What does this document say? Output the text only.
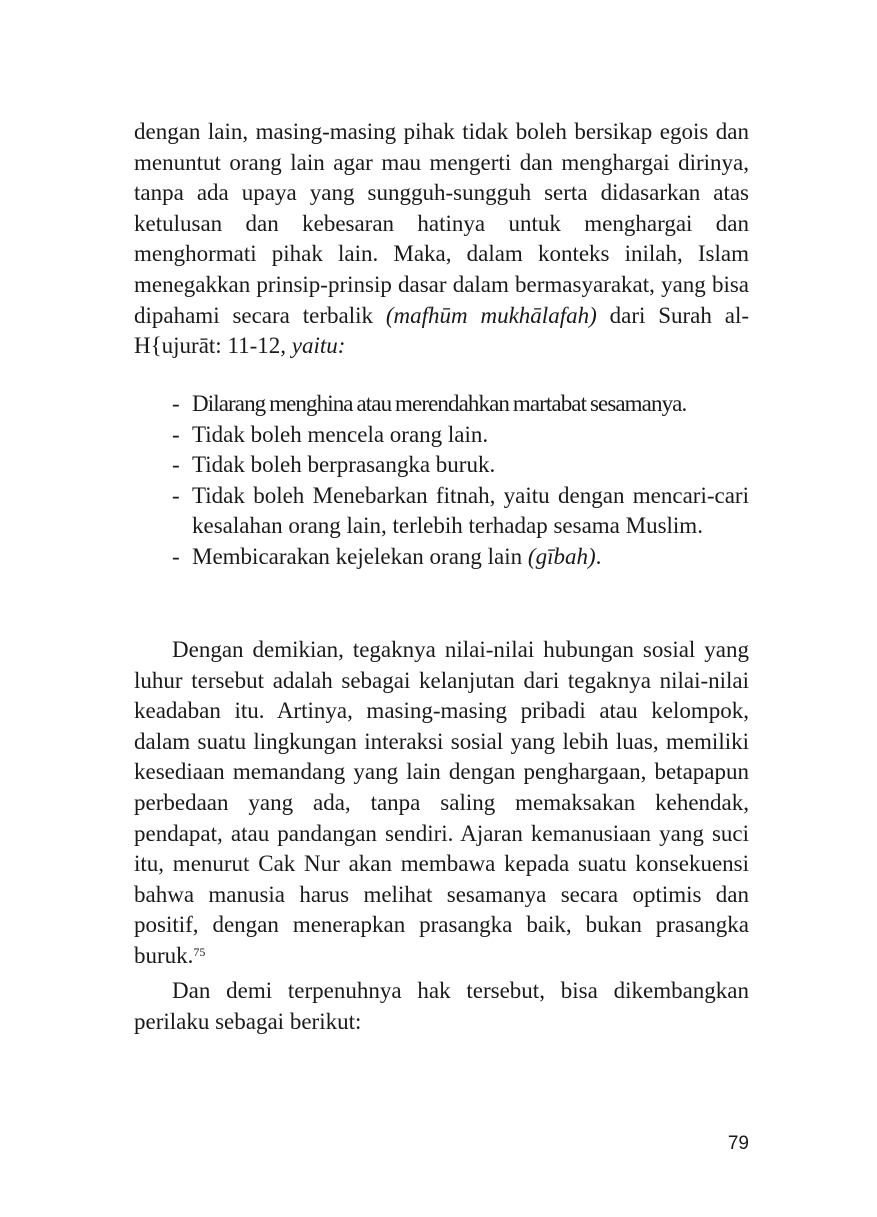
dengan lain, masing-masing pihak tidak boleh bersikap egois dan menuntut orang lain agar mau mengerti dan menghargai dirinya, tanpa ada upaya yang sungguh-sungguh serta didasarkan atas ketulusan dan kebesaran hatinya untuk menghargai dan menghormati pihak lain. Maka, dalam konteks inilah, Islam menegakkan prinsip-prinsip dasar dalam bermasyarakat, yang bisa dipahami secara terbalik (mafhūm mukhālafah) dari Surah al-H{ujurāt: 11-12, yaitu:

- Dilarang menghina atau merendahkan martabat sesamanya.
- Tidak boleh mencela orang lain.
- Tidak boleh berprasangka buruk.
- Tidak boleh Menebarkan fitnah, yaitu dengan mencari-cari kesalahan orang lain, terlebih terhadap sesama Muslim.
- Membicarakan kejelekan orang lain (gībah).

Dengan demikian, tegaknya nilai-nilai hubungan sosial yang luhur tersebut adalah sebagai kelanjutan dari tegaknya nilai-nilai keadaban itu. Artinya, masing-masing pribadi atau kelompok, dalam suatu lingkungan interaksi sosial yang lebih luas, memiliki kesediaan memandang yang lain dengan penghargaan, betapapun perbedaan yang ada, tanpa saling memaksakan kehendak, pendapat, atau pandangan sendiri. Ajaran kemanusiaan yang suci itu, menurut Cak Nur akan membawa kepada suatu konsekuensi bahwa manusia harus melihat sesamanya secara optimis dan positif, dengan menerapkan prasangka baik, bukan prasangka buruk.$^{75}$

Dan demi terpenuhnya hak tersebut, bisa dikembangkan perilaku sebagai berikut:

79
